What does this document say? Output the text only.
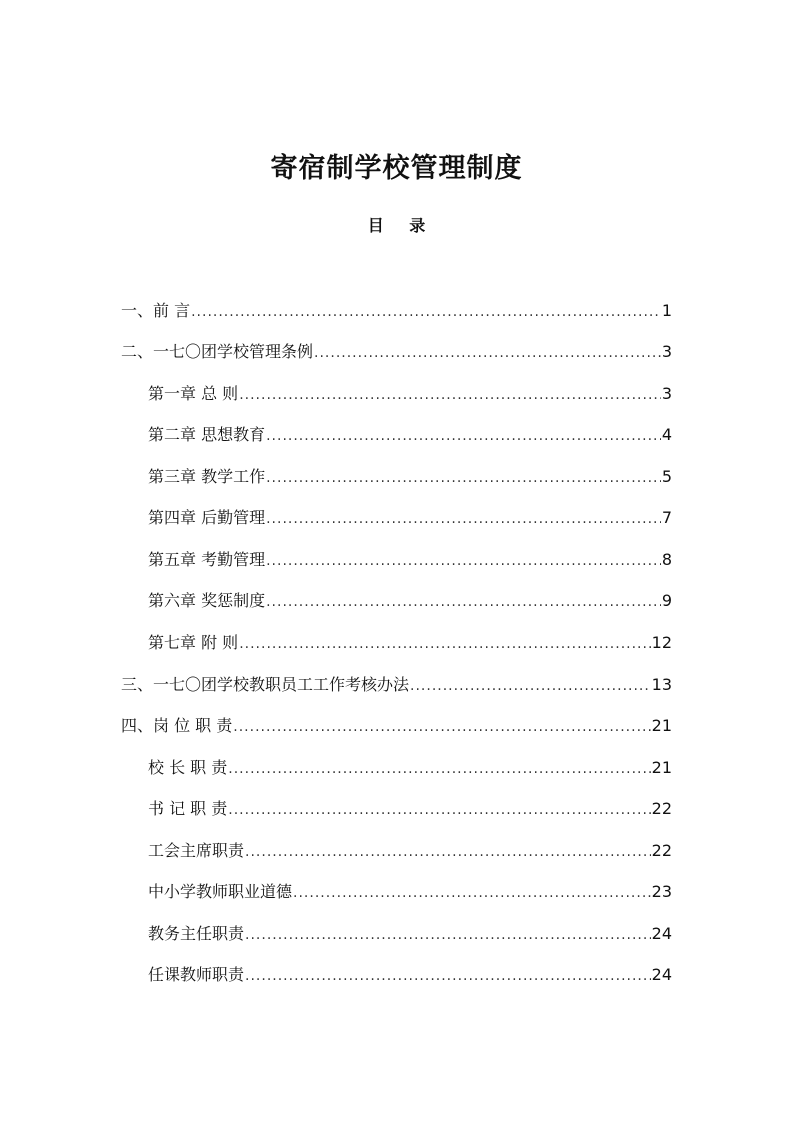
寄宿制学校管理制度
目 录
一、前 言 .....	1
二、一七〇团学校管理条例 .....	3
第一章 总 则 .....	3
第二章 思想教育 .....	4
第三章 教学工作 .....	5
第四章 后勤管理 .....	7
第五章 考勤管理 .....	8
第六章 奖惩制度 .....	9
第七章 附 则 .....	12
三、一七〇团学校教职员工工作考核办法 .....	13
四、岗 位 职 责 .....	21
校 长 职 责 .....	21
书 记 职 责 .....	22
工会主席职责 .....	22
中小学教师职业道德 .....	23
教务主任职责 .....	24
任课教师职责 .....	24
